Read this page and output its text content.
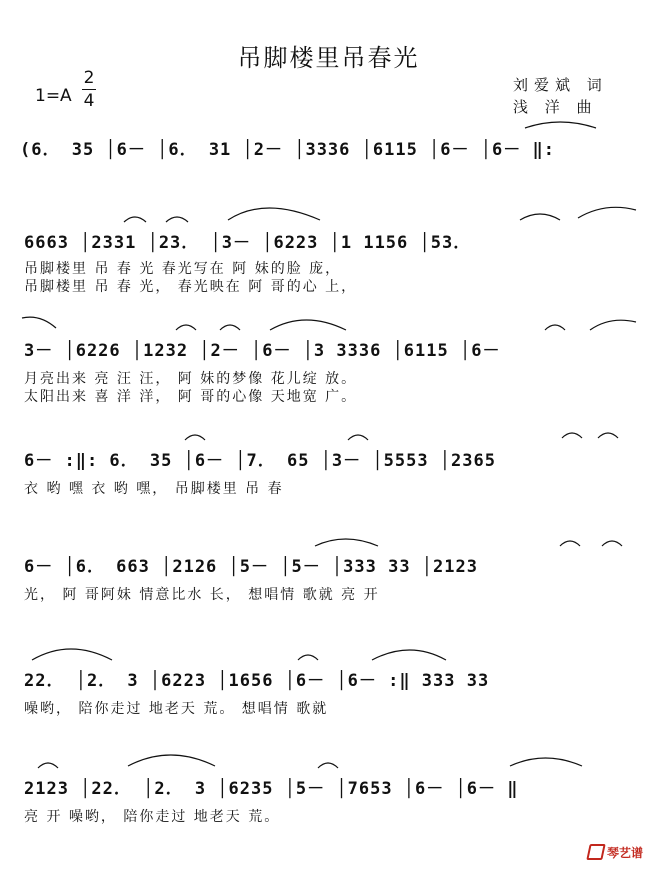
吊脚楼里吊春光
1=A
2
4
刘爱斌 词
浅 洋 曲
(6． 35 │6－ │6． 31 │2－ │3336 │6115 │6－ │6－ ‖:
6663 │2331 │23． │3－ │6223 │1 1156 │53．
吊脚楼里 吊 春 光 春光写在 阿 妹的脸 庞，
吊脚楼里 吊 春 光， 春光映在 阿 哥的心 上，
3－ │6226 │1232 │2－ │6－ │3 3336 │6115 │6－
月亮出来 亮 汪 汪， 阿 妹的梦像 花儿绽 放。
太阳出来 喜 洋 洋， 阿 哥的心像 天地宽 广。
6－ :‖: 6． 35 │6－ │7． 65 │3－ │5553 │2365
衣 哟 嘿 衣 哟 嘿， 吊脚楼里 吊 春
6－ │6． 663 │2126 │5－ │5－ │333 33 │2123
光， 阿 哥阿妹 情意比水 长， 想唱情 歌就 亮 开
22． │2． 3 │6223 │1656 │6－ │6－ :‖ 333 33
噪哟， 陪你走过 地老天 荒。 想唱情 歌就
2123 │22． │2． 3 │6235 │5－ │7653 │6－ │6－ ‖
亮 开 噪哟， 陪你走过 地老天 荒。
琴艺谱
